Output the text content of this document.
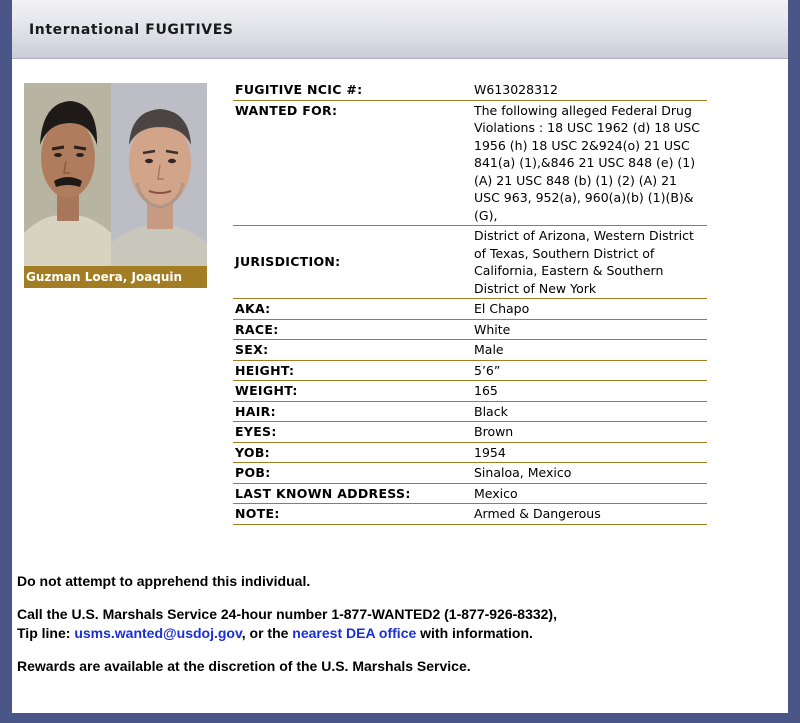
International FUGITIVES
Guzman Loera, Joaquin
FUGITIVE NCIC #:	W613028312
WANTED FOR:	The following alleged Federal Drug Violations : 18 USC 1962 (d) 18 USC 1956 (h) 18 USC 2&924(o) 21 USC 841(a) (1),&846 21 USC 848 (e) (1) (A) 21 USC 848 (b) (1) (2) (A) 21 USC 963, 952(a), 960(a)(b) (1)(B)&(G),
JURISDICTION:	District of Arizona, Western District of Texas, Southern District of California, Eastern & Southern District of New York
AKA:	El Chapo
RACE:	White
SEX:	Male
HEIGHT:	5’6”
WEIGHT:	165
HAIR:	Black
EYES:	Brown
YOB:	1954
POB:	Sinaloa, Mexico
LAST KNOWN ADDRESS:	Mexico
NOTE:	Armed & Dangerous

Do not attempt to apprehend this individual.

Call the U.S. Marshals Service 24-hour number 1-877-WANTED2 (1-877-926-8332),
Tip line: usms.wanted@usdoj.gov, or the nearest DEA office with information.

Rewards are available at the discretion of the U.S. Marshals Service.
